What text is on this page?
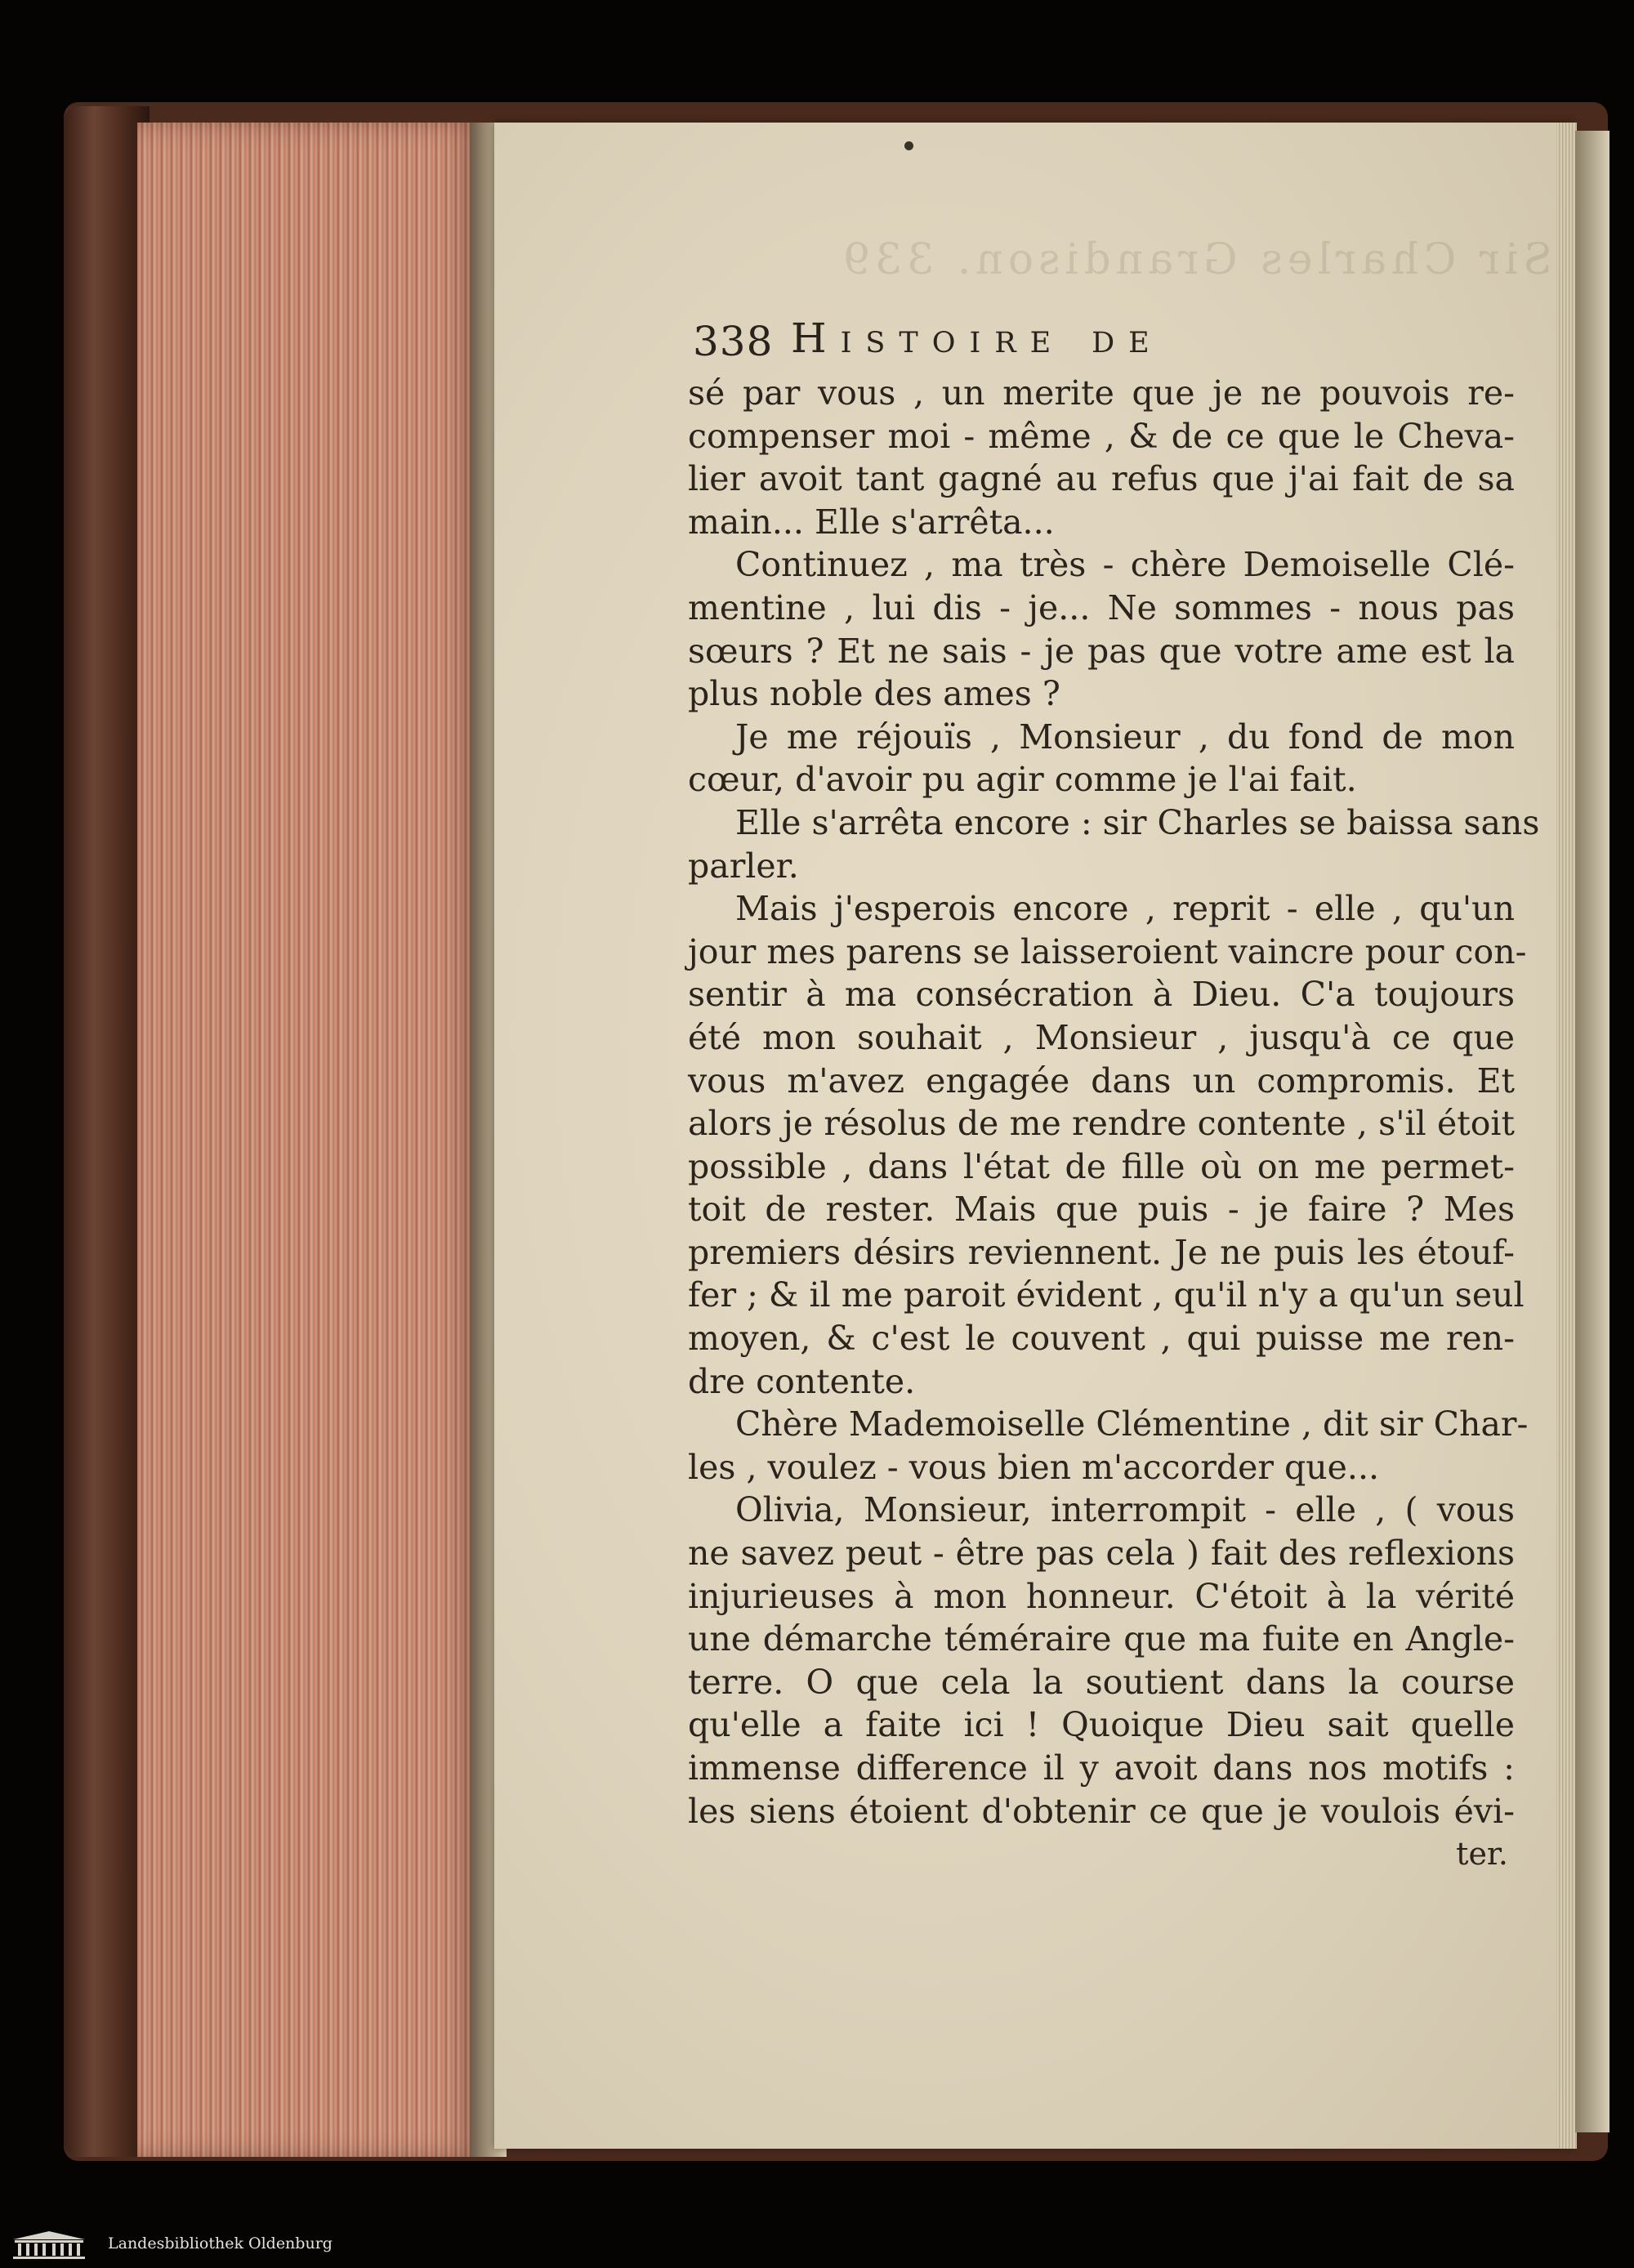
Sir Charles Grandison. 339
338 Histoire de
sé par vous , un merite que je ne pouvois re-
compenser moi - même , & de ce que le Cheva-
lier avoit tant gagné au refus que j'ai fait de sa
main... Elle s'arrêta...
Continuez , ma très - chère Demoiselle Clé-
mentine , lui dis - je... Ne sommes - nous pas
sœurs ? Et ne sais - je pas que votre ame est la
plus noble des ames ?
Je me réjouïs , Monsieur , du fond de mon
cœur, d'avoir pu agir comme je l'ai fait.
Elle s'arrêta encore : sir Charles se baissa sans
parler.
Mais j'esperois encore , reprit - elle , qu'un
jour mes parens se laisseroient vaincre pour con-
sentir à ma consécration à Dieu. C'a toujours
été mon souhait , Monsieur , jusqu'à ce que
vous m'avez engagée dans un compromis. Et
alors je résolus de me rendre contente , s'il étoit
possible , dans l'état de fille où on me permet-
toit de rester. Mais que puis - je faire ? Mes
premiers désirs reviennent. Je ne puis les étouf-
fer ; & il me paroit évident , qu'il n'y a qu'un seul
moyen, & c'est le couvent , qui puisse me ren-
dre contente.
Chère Mademoiselle Clémentine , dit sir Char-
les , voulez - vous bien m'accorder que...
Olivia, Monsieur, interrompit - elle , ( vous
ne savez peut - être pas cela ) fait des reflexions
injurieuses à mon honneur. C'étoit à la vérité
une démarche téméraire que ma fuite en Angle-
terre. O que cela la soutient dans la course
qu'elle a faite ici ! Quoique Dieu sait quelle
immense difference il y avoit dans nos motifs :
les siens étoient d'obtenir ce que je voulois évi-
ter.
Landesbibliothek Oldenburg
